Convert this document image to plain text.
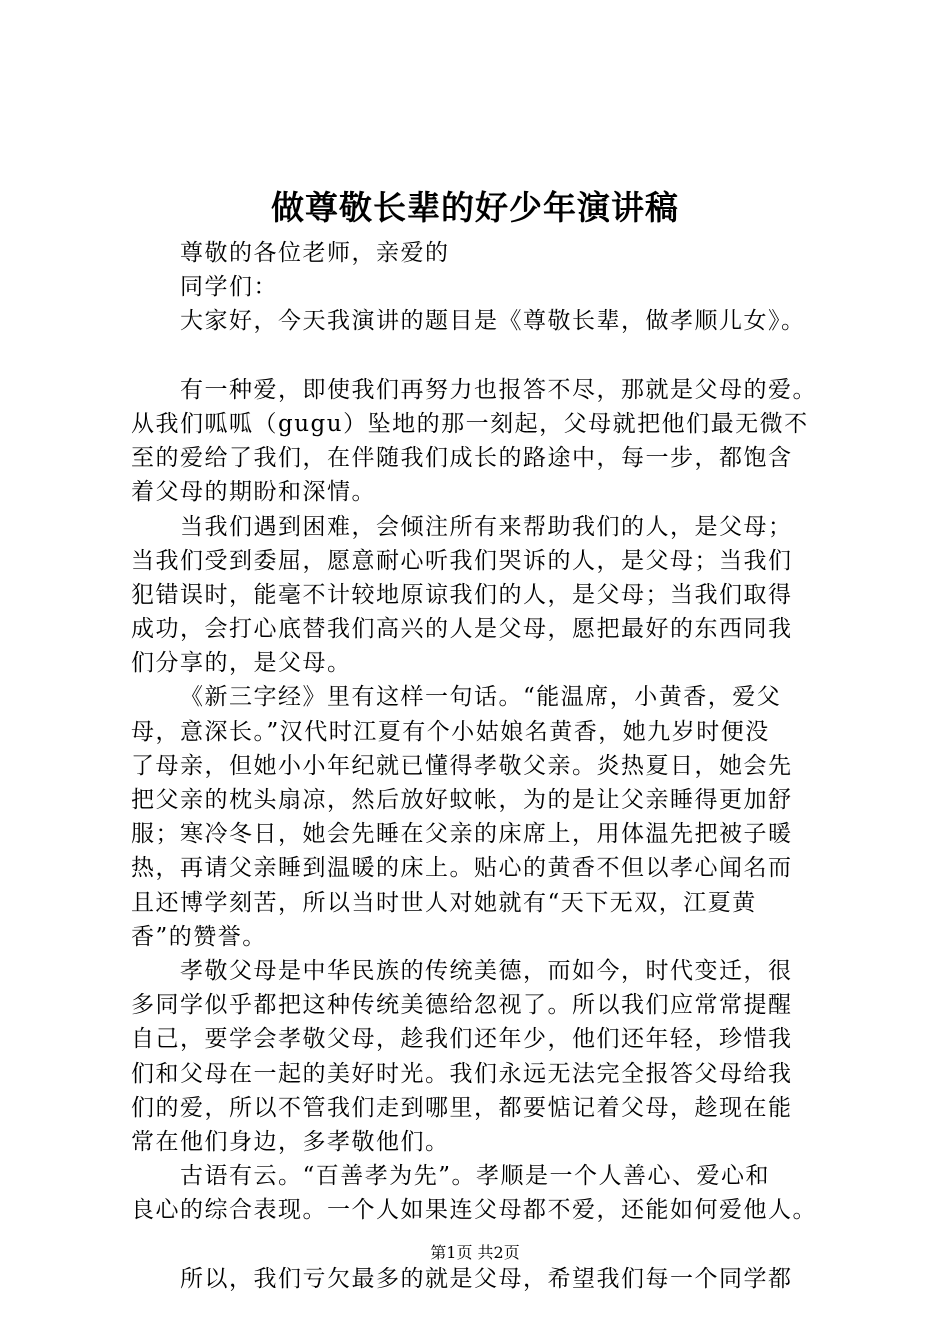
做尊敬长辈的好少年演讲稿
尊敬的各位老师，亲爱的
同学们：
大家好，今天我演讲的题目是《尊敬长辈，做孝顺儿女》。
有一种爱，即使我们再努力也报答不尽，那就是父母的爱。
从我们呱呱（gugu）坠地的那一刻起，父母就把他们最无微不
至的爱给了我们，在伴随我们成长的路途中，每一步，都饱含
着父母的期盼和深情。
当我们遇到困难，会倾注所有来帮助我们的人，是父母；
当我们受到委屈，愿意耐心听我们哭诉的人，是父母；当我们
犯错误时，能毫不计较地原谅我们的人，是父母；当我们取得
成功，会打心底替我们高兴的人是父母，愿把最好的东西同我
们分享的，是父母。
《新三字经》里有这样一句话。“能温席，小黄香，爱父
母，意深长。”汉代时江夏有个小姑娘名黄香，她九岁时便没
了母亲，但她小小年纪就已懂得孝敬父亲。炎热夏日，她会先
把父亲的枕头扇凉，然后放好蚊帐，为的是让父亲睡得更加舒
服；寒冷冬日，她会先睡在父亲的床席上，用体温先把被子暖
热，再请父亲睡到温暖的床上。贴心的黄香不但以孝心闻名而
且还博学刻苦，所以当时世人对她就有“天下无双，江夏黄
香”的赞誉。
孝敬父母是中华民族的传统美德，而如今，时代变迁，很
多同学似乎都把这种传统美德给忽视了。所以我们应常常提醒
自己，要学会孝敬父母，趁我们还年少，他们还年轻，珍惜我
们和父母在一起的美好时光。我们永远无法完全报答父母给我
们的爱，所以不管我们走到哪里，都要惦记着父母，趁现在能
常在他们身边，多孝敬他们。
古语有云。“百善孝为先”。孝顺是一个人善心、爱心和
良心的综合表现。一个人如果连父母都不爱，还能如何爱他人。
所以，我们亏欠最多的就是父母，希望我们每一个同学都
第1页 共2页
